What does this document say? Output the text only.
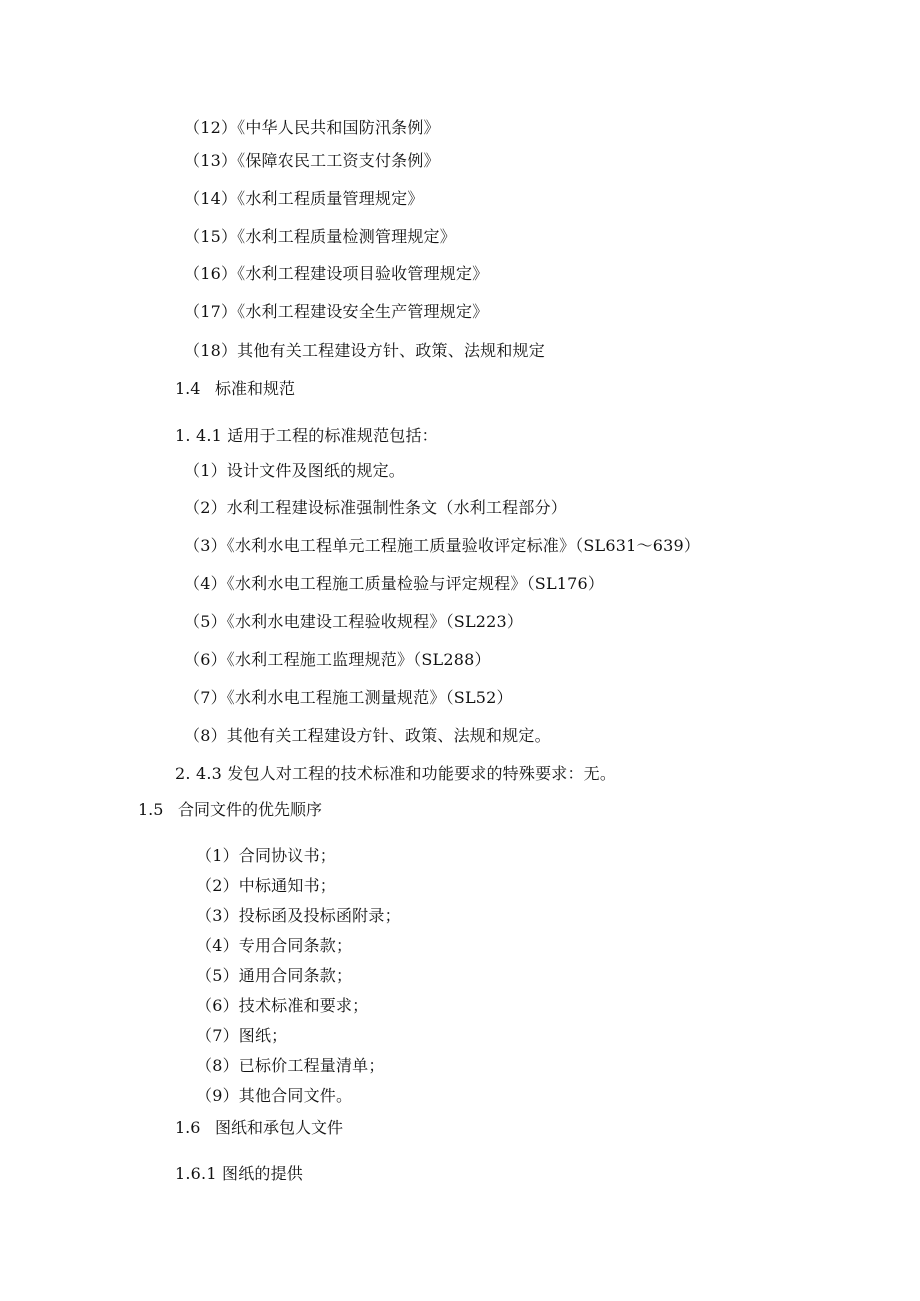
（12）《中华人民共和国防汛条例》
（13）《保障农民工工资支付条例》
（14）《水利工程质量管理规定》
（15）《水利工程质量检测管理规定》
（16）《水利工程建设项目验收管理规定》
（17）《水利工程建设安全生产管理规定》
（18）其他有关工程建设方针、政策、法规和规定
1.4 标准和规范
1. 4.1 适用于工程的标准规范包括：
（1）设计文件及图纸的规定。
（2）水利工程建设标准强制性条文（水利工程部分）
（3）《水利水电工程单元工程施工质量验收评定标准》（SL631～639）
（4）《水利水电工程施工质量检验与评定规程》（SL176）
（5）《水利水电建设工程验收规程》（SL223）
（6）《水利工程施工监理规范》（SL288）
（7）《水利水电工程施工测量规范》（SL52）
（8）其他有关工程建设方针、政策、法规和规定。
2. 4.3 发包人对工程的技术标准和功能要求的特殊要求：无。
1.5 合同文件的优先顺序
（1）合同协议书；
（2）中标通知书；
（3）投标函及投标函附录；
（4）专用合同条款；
（5）通用合同条款；
（6）技术标准和要求；
（7）图纸；
（8）已标价工程量清单；
（9）其他合同文件。
1.6 图纸和承包人文件
1.6.1 图纸的提供
